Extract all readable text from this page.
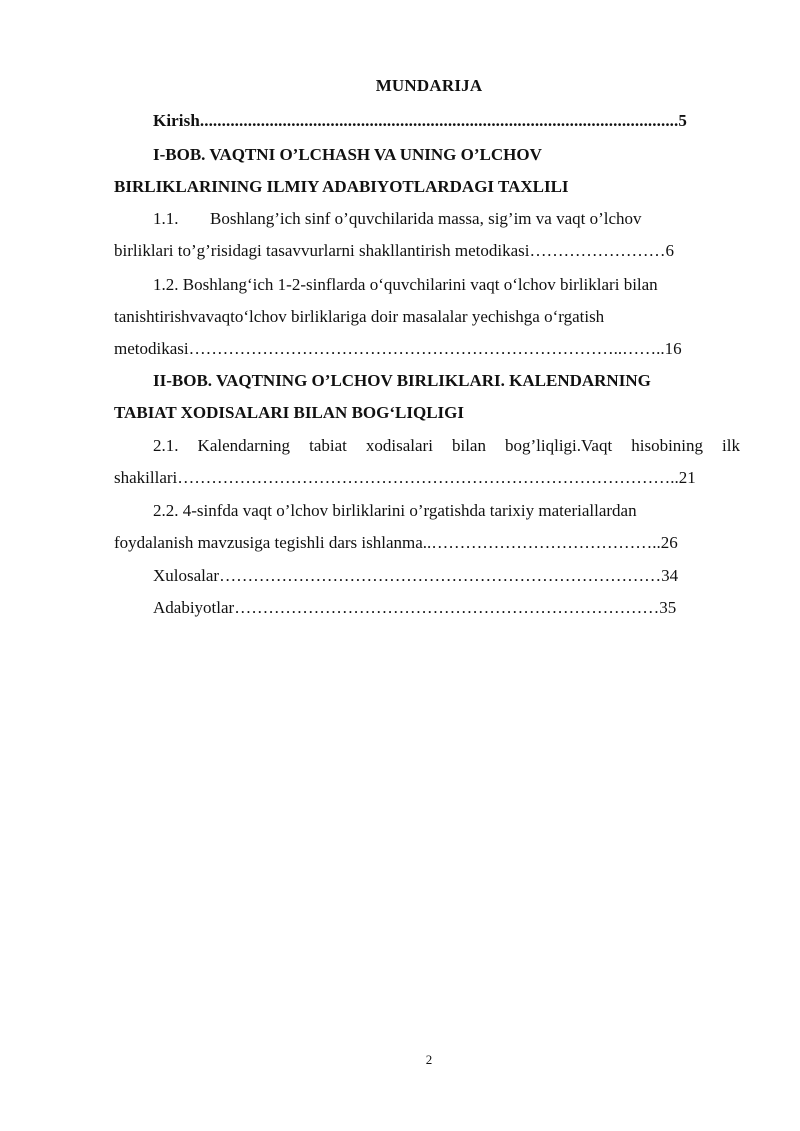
MUNDARIJA
Kirish..............................................................................................................5
I-BOB. VAQTNI O’LCHASH VA UNING O’LCHOV
BIRLIKLARINING ILMIY ADABIYOTLARDAGI TAXLILI
1.1. Boshlang’ich sinf o’quvchilarida massa, sig’im va vaqt o’lchov
birliklari to’g’risidagi tasavvurlarni shakllantirish metodikasi……………………6
1.2. Boshlang‘ich 1-2-sinflarda o‘quvchilarini vaqt o‘lchov birliklari bilan
tanishtirishvavaqto‘lchov birliklariga doir masalalar yechishga o‘rgatish
metodikasi…………………………………………………………………..……..16
II-BOB. VAQTNING O’LCHOV BIRLIKLARI. KALENDARNING
TABIAT XODISALARI BILAN BOG‘LIQLIGI
2.1. Kalendarning tabiat xodisalari bilan bog’liqligi.Vaqt hisobining ilk
shakillari……………………………………………………………………………..21
2.2. 4-sinfda vaqt o’lchov birliklarini o’rgatishda tarixiy materiallardan
foydalanish mavzusiga tegishli dars ishlanma..…………………………………..26
Xulosalar……………………………………………………………………34
Adabiyotlar…………………………………………………………………35
2
